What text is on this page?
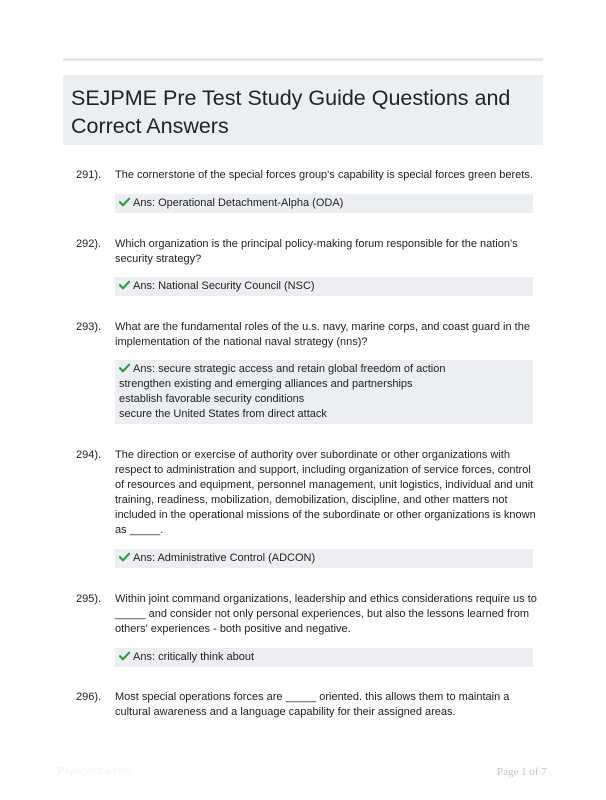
SEJPME Pre Test Study Guide Questions and Correct Answers
291). The cornerstone of the special forces group's capability is special forces green berets.
Ans: Operational Detachment-Alpha (ODA)
292). Which organization is the principal policy-making forum responsible for the nation's security strategy?
Ans: National Security Council (NSC)
293). What are the fundamental roles of the u.s. navy, marine corps, and coast guard in the implementation of the national naval strategy (nns)?
Ans: secure strategic access and retain global freedom of action
strengthen existing and emerging alliances and partnerships
establish favorable security conditions
secure the United States from direct attack
294). The direction or exercise of authority over subordinate or other organizations with respect to administration and support, including organization of service forces, control of resources and equipment, personnel management, unit logistics, individual and unit training, readiness, mobilization, demobilization, discipline, and other matters not included in the operational missions of the subordinate or other organizations is known as _____.
Ans: Administrative Control (ADCON)
295). Within joint command organizations, leadership and ethics considerations require us to _____ and consider not only personal experiences, but also the lessons learned from others' experiences - both positive and negative.
Ans: critically think about
296). Most special operations forces are _____ oriented. this allows them to maintain a cultural awareness and a language capability for their assigned areas.
PaperWebs.com	Page 1 of 7
